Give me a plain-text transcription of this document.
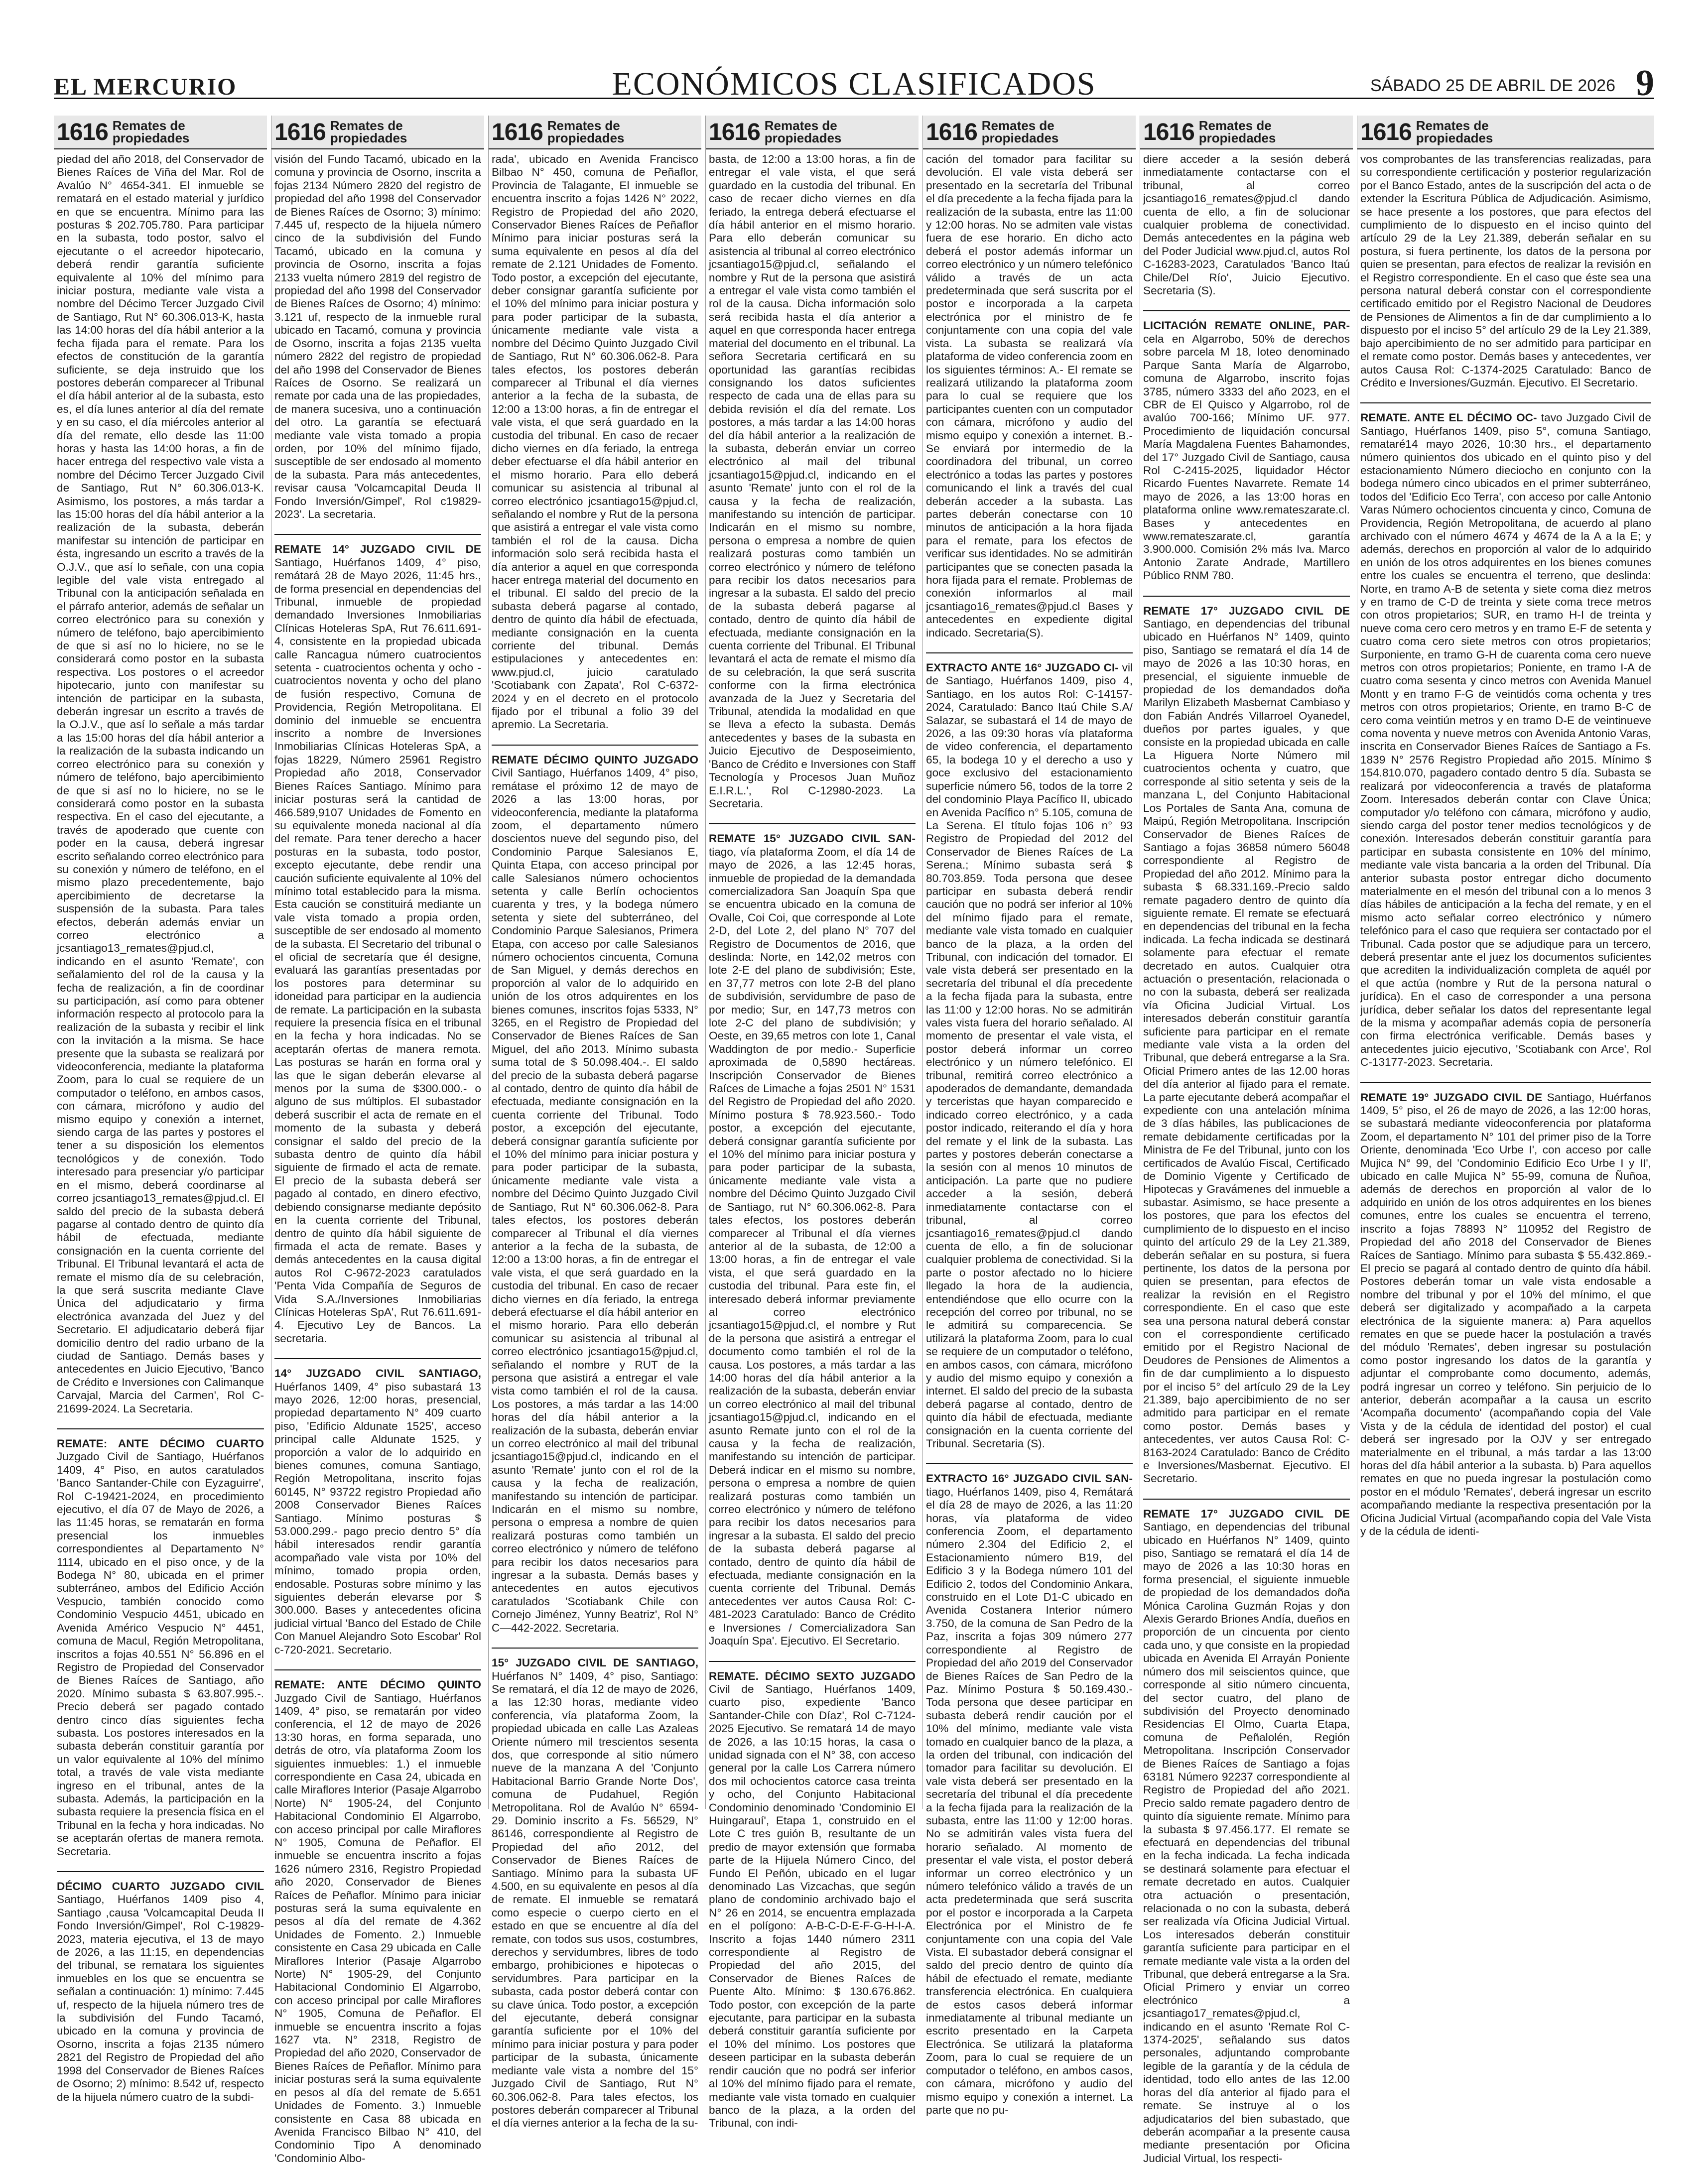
EL MERCURIO	ECONÓMICOS CLASIFICADOS	SÁBADO 25 DE ABRIL DE 2026 9
1616 Remates de
propiedades
piedad del año 2018, del Conservador de Bienes Raíces de Viña del Mar. Rol de Avalúo N° 4654-341. El inmueble se rematará en el estado material y jurídico en que se encuentra. Mínimo para las posturas $ 202.705.780. Para participar en la subasta, todo postor, salvo el ejecutante o el acreedor hipotecario, deberá rendir garantía suficiente equivalente al 10% del mínimo para iniciar postura, mediante vale vista a nombre del Décimo Tercer Juzgado Civil de Santiago, Rut N° 60.306.013-K, hasta las 14:00 horas del día hábil anterior a la fecha fijada para el remate. Para los efectos de constitución de la garantía suficiente, se deja instruido que los postores deberán comparecer al Tribunal el día hábil anterior al de la subasta, esto es, el día lunes anterior al día del remate y en su caso, el día miércoles anterior al día del remate, ello desde las 11:00 horas y hasta las 14:00 horas, a fin de hacer entrega del respectivo vale vista a nombre del Décimo Tercer Juzgado Civil de Santiago, Rut N° 60.306.013-K. Asimismo, los postores, a más tardar a las 15:00 horas del día hábil anterior a la realización de la subasta, deberán manifestar su intención de participar en ésta, ingresando un escrito a través de la O.J.V., que así lo señale, con una copia legible del vale vista entregado al Tribunal con la anticipación señalada en el párrafo anterior, además de señalar un correo electrónico para su conexión y número de teléfono, bajo apercibimiento de que si así no lo hiciere, no se le considerará como postor en la subasta respectiva. Los postores o el acreedor hipotecario, junto con manifestar su intención de participar en la subasta, deberán ingresar un escrito a través de la O.J.V., que así lo señale a más tardar a las 15:00 horas del día hábil anterior a la realización de la subasta indicando un correo electrónico para su conexión y número de teléfono, bajo apercibimiento de que si así no lo hiciere, no se le considerará como postor en la subasta respectiva. En el caso del ejecutante, a través de apoderado que cuente con poder en la causa, deberá ingresar escrito señalando correo electrónico para su conexión y número de teléfono, en el mismo plazo precedentemente, bajo apercibimiento de decretarse la suspensión de la subasta. Para tales efectos, deberán además enviar un correo electrónico a jcsantiago13_remates@pjud.cl, indicando en el asunto 'Remate', con señalamiento del rol de la causa y la fecha de realización, a fin de coordinar su participación, así como para obtener información respecto al protocolo para la realización de la subasta y recibir el link con la invitación a la misma. Se hace presente que la subasta se realizará por videoconferencia, mediante la plataforma Zoom, para lo cual se requiere de un computador o teléfono, en ambos casos, con cámara, micrófono y audio del mismo equipo y conexión a internet, siendo carga de las partes y postores el tener a su disposición los elementos tecnológicos y de conexión. Todo interesado para presenciar y/o participar en el mismo, deberá coordinarse al correo jcsantiago13_remates@pjud.cl. El saldo del precio de la subasta deberá pagarse al contado dentro de quinto día hábil de efectuada, mediante consignación en la cuenta corriente del Tribunal. El Tribunal levantará el acta de remate el mismo día de su celebración, la que será suscrita mediante Clave Única del adjudicatario y firma electrónica avanzada del Juez y del Secretario. El adjudicatario deberá fijar domicilio dentro del radio urbano de la ciudad de Santiago. Demás bases y antecedentes en Juicio Ejecutivo, 'Banco de Crédito e Inversiones con Calimanque Carvajal, Marcia del Carmen', Rol C- 21699-2024. La Secretaria.
REMATE: ANTE DÉCIMO CUARTO Juzgado Civil de Santiago, Huérfanos 1409, 4° Piso, en autos caratulados 'Banco Santander-Chile con Eyzaguirre', Rol C-19421-2024, en procedimiento ejecutivo, el día 07 de Mayo de 2026, a las 11:45 horas, se rematarán en forma presencial los inmuebles correspondientes al Departamento N° 1114, ubicado en el piso once, y de la Bodega N° 80, ubicada en el primer subterráneo, ambos del Edificio Acción Vespucio, también conocido como Condominio Vespucio 4451, ubicado en Avenida Américo Vespucio N° 4451, comuna de Macul, Región Metropolitana, inscritos a fojas 40.551 N° 56.896 en el Registro de Propiedad del Conservador de Bienes Raíces de Santiago, año 2020. Mínimo subasta $ 63.807.995.-. Precio deberá ser pagado contado dentro cinco días siguientes fecha subasta. Los postores interesados en la subasta deberán constituir garantía por un valor equivalente al 10% del mínimo total, a través de vale vista mediante ingreso en el tribunal, antes de la subasta. Además, la participación en la subasta requiere la presencia física en el Tribunal en la fecha y hora indicadas. No se aceptarán ofertas de manera remota. Secretaria.
DÉCIMO CUARTO JUZGADO CIVIL Santiago, Huérfanos 1409 piso 4, Santiago ,causa 'Volcamcapital Deuda II Fondo Inversión/Gimpel', Rol C-19829-2023, materia ejecutiva, el 13 de mayo de 2026, a las 11:15, en dependencias del tribunal, se rematara los siguientes inmuebles en los que se encuentra se señalan a continuación: 1) mínimo: 7.445 uf, respecto de la hijuela número tres de la subdivisión del Fundo Tacamó, ubicado en la comuna y provincia de Osorno, inscrita a fojas 2135 número 2821 del Registro de Propiedad del año 1998 del Conservador de Bienes Raíces de Osorno; 2) mínimo: 8.542 uf, respecto de la hijuela número cuatro de la subdi-
1616 Remates de
propiedades
visión del Fundo Tacamó, ubicado en la comuna y provincia de Osorno, inscrita a fojas 2134 Número 2820 del registro de propiedad del año 1998 del Conservador de Bienes Raíces de Osorno; 3) mínimo: 7.445 uf, respecto de la hijuela número cinco de la subdivisión del Fundo Tacamó, ubicado en la comuna y provincia de Osorno, inscrita a fojas 2133 vuelta número 2819 del registro de propiedad del año 1998 del Conservador de Bienes Raíces de Osorno; 4) mínimo: 3.121 uf, respecto de la inmueble rural ubicado en Tacamó, comuna y provincia de Osorno, inscrita a fojas 2135 vuelta número 2822 del registro de propiedad del año 1998 del Conservador de Bienes Raíces de Osorno. Se realizará un remate por cada una de las propiedades, de manera sucesiva, uno a continuación del otro. La garantía se efectuará mediante vale vista tomado a propia orden, por 10% del mínimo fijado, susceptible de ser endosado al momento de la subasta. Para más antecedentes, revisar causa 'Volcamcapital Deuda II Fondo Inversión/Gimpel', Rol c19829-2023'. La secretaria.
REMATE 14° JUZGADO CIVIL DE Santiago, Huérfanos 1409, 4° piso, remátará 28 de Mayo 2026, 11:45 hrs., de forma presencial en dependencias del Tribunal, inmueble de propiedad demandado Inversiones Inmobiliarias Clínicas Hoteleras SpA, Rut 76.611.691-4, consistente en la propiedad ubicada calle Rancagua número cuatrocientos setenta - cuatrocientos ochenta y ocho - cuatrocientos noventa y ocho del plano de fusión respectivo, Comuna de Providencia, Región Metropolitana. El dominio del inmueble se encuentra inscrito a nombre de Inversiones Inmobiliarias Clínicas Hoteleras SpA, a fojas 18229, Número 25961 Registro Propiedad año 2018, Conservador Bienes Raíces Santiago. Mínimo para iniciar posturas será la cantidad de 466.589,9107 Unidades de Fomento en su equivalente moneda nacional al día del remate. Para tener derecho a hacer posturas en la subasta, todo postor, excepto ejecutante, debe rendir una caución suficiente equivalente al 10% del mínimo total establecido para la misma. Esta caución se constituirá mediante un vale vista tomado a propia orden, susceptible de ser endosado al momento de la subasta. El Secretario del tribunal o el oficial de secretaría que él designe, evaluará las garantías presentadas por los postores para determinar su idoneidad para participar en la audiencia de remate. La participación en la subasta requiere la presencia física en el tribunal en la fecha y hora indicadas. No se aceptarán ofertas de manera remota. Las posturas se harán en forma oral y las que le sigan deberán elevarse al menos por la suma de $300.000.- o alguno de sus múltiplos. El subastador deberá suscribir el acta de remate en el momento de la subasta y deberá consignar el saldo del precio de la subasta dentro de quinto día hábil siguiente de firmado el acta de remate. El precio de la subasta deberá ser pagado al contado, en dinero efectivo, debiendo consignarse mediante depósito en la cuenta corriente del Tribunal, dentro de quinto día hábil siguiente de firmada el acta de remate. Bases y demás antecedentes en la causa digital autos Rol C-9672-2023 caratulados 'Penta Vida Compañía de Seguros de Vida S.A./Inversiones Inmobiliarias Clínicas Hoteleras SpA', Rut 76.611.691-4. Ejecutivo Ley de Bancos. La secretaria.
14° JUZGADO CIVIL SANTIAGO, Huérfanos 1409, 4° piso subastará 13 mayo 2026, 12:00 horas, presencial, propiedad departamento N° 409 cuarto piso, 'Edificio Aldunate 1525', acceso principal calle Aldunate 1525, y proporción a valor de lo adquirido en bienes comunes, comuna Santiago, Región Metropolitana, inscrito fojas 60145, N° 93722 registro Propiedad año 2008 Conservador Bienes Raíces Santiago. Mínimo posturas $ 53.000.299.- pago precio dentro 5° día hábil interesados rendir garantía acompañado vale vista por 10% del mínimo, tomado propia orden, endosable. Posturas sobre mínimo y las siguientes deberán elevarse por $ 300.000. Bases y antecedentes oficina judicial virtual 'Banco del Estado de Chile Con Manuel Alejandro Soto Escobar' Rol c-720-2021. Secretario.
REMATE: ANTE DÉCIMO QUINTO Juzgado Civil de Santiago, Huérfanos 1409, 4° piso, se rematarán por video conferencia, el 12 de mayo de 2026 13:30 horas, en forma separada, uno detrás de otro, vía plataforma Zoom los siguientes inmuebles: 1.) el inmueble correspondiente en Casa 24, ubicada en calle Miraflores Interior (Pasaje Algarrobo Norte) N° 1905-24, del Conjunto Habitacional Condominio El Algarrobo, con acceso principal por calle Miraflores N° 1905, Comuna de Peñaflor. El inmueble se encuentra inscrito a fojas 1626 número 2316, Registro Propiedad año 2020, Conservador de Bienes Raíces de Peñaflor. Mínimo para iniciar posturas será la suma equivalente en pesos al día del remate de 4.362 Unidades de Fomento. 2.) Inmueble consistente en Casa 29 ubicada en Calle Miraflores Interior (Pasaje Algarrobo Norte) N° 1905-29, del Conjunto Habitacional Condominio El Algarrobo, con acceso principal por calle Miraflores N° 1905, Comuna de Peñaflor. El inmueble se encuentra inscrito a fojas 1627 vta. N° 2318, Registro de Propiedad del año 2020, Conservador de Bienes Raíces de Peñaflor. Mínimo para iniciar posturas será la suma equivalente en pesos al día del remate de 5.651 Unidades de Fomento. 3.) Inmueble consistente en Casa 88 ubicada en Avenida Francisco Bilbao N° 410, del Condominio Tipo A denominado 'Condominio Albo-
1616 Remates de
propiedades
rada', ubicado en Avenida Francisco Bilbao N° 450, comuna de Peñaflor, Provincia de Talagante, El inmueble se encuentra inscrito a fojas 1426 N° 2022, Registro de Propiedad del año 2020, Conservador Bienes Raíces de Peñaflor Mínimo para iniciar posturas será la suma equivalente en pesos al día del remate de 2.121 Unidades de Fomento. Todo postor, a excepción del ejecutante, deber consignar garantía suficiente por el 10% del mínimo para iniciar postura y para poder participar de la subasta, únicamente mediante vale vista a nombre del Décimo Quinto Juzgado Civil de Santiago, Rut N° 60.306.062-8. Para tales efectos, los postores deberán comparecer al Tribunal el día viernes anterior a la fecha de la subasta, de 12:00 a 13:00 horas, a fin de entregar el vale vista, el que será guardado en la custodia del tribunal. En caso de recaer dicho viernes en día feriado, la entrega deber efectuarse el día hábil anterior en el mismo horario. Para ello deberá comunicar su asistencia al tribunal al correo electrónico jcsantiago15@pjud.cl, señalando el nombre y Rut de la persona que asistirá a entregar el vale vista como también el rol de la causa. Dicha información solo será recibida hasta el día anterior a aquel en que corresponda hacer entrega material del documento en el tribunal. El saldo del precio de la subasta deberá pagarse al contado, dentro de quinto día hábil de efectuada, mediante consignación en la cuenta corriente del tribunal. Demás estipulaciones y antecedentes en: www.pjud.cl, juicio caratulado 'Scotiabank con Zapata', Rol C-6372-2024 y en el decreto en el protocolo fijado por el tribunal a folio 39 del apremio. La Secretaria.
REMATE DÉCIMO QUINTO JUZGADO Civil Santiago, Huérfanos 1409, 4° piso, remátase el próximo 12 de mayo de 2026 a las 13:00 horas, por videoconferencia, mediante la plataforma zoom, el departamento número doscientos nueve del segundo piso, del Condominio Parque Salesianos E, Quinta Etapa, con acceso principal por calle Salesianos número ochocientos setenta y calle Berlín ochocientos cuarenta y tres, y la bodega número setenta y siete del subterráneo, del Condominio Parque Salesianos, Primera Etapa, con acceso por calle Salesianos número ochocientos cincuenta, Comuna de San Miguel, y demás derechos en proporción al valor de lo adquirido en unión de los otros adquirentes en los bienes comunes, inscritos fojas 5333, N° 3265, en el Registro de Propiedad del Conservador de Bienes Raíces de San Miguel, del año 2013. Mínimo subasta suma total de $ 50.098.404.-. El saldo del precio de la subasta deberá pagarse al contado, dentro de quinto día hábil de efectuada, mediante consignación en la cuenta corriente del Tribunal. Todo postor, a excepción del ejecutante, deberá consignar garantía suficiente por el 10% del mínimo para iniciar postura y para poder participar de la subasta, únicamente mediante vale vista a nombre del Décimo Quinto Juzgado Civil de Santiago, Rut N° 60.306.062-8. Para tales efectos, los postores deberán comparecer al Tribunal el día viernes anterior a la fecha de la subasta, de 12:00 a 13:00 horas, a fin de entregar el vale vista, el que será guardado en la custodia del tribunal. En caso de recaer dicho viernes en día feriado, la entrega deberá efectuarse el día hábil anterior en el mismo horario. Para ello deberán comunicar su asistencia al tribunal al correo electrónico jcsantiago15@pjud.cl, señalando el nombre y RUT de la persona que asistirá a entregar el vale vista como también el rol de la causa. Los postores, a más tardar a las 14:00 horas del día hábil anterior a la realización de la subasta, deberán enviar un correo electrónico al mail del tribunal jcsantiago15@pjud.cl, indicando en el asunto 'Remate' junto con el rol de la causa y la fecha de realización, manifestando su intención de participar. Indicarán en el mismo su nombre, persona o empresa a nombre de quien realizará posturas como también un correo electrónico y número de teléfono para recibir los datos necesarios para ingresar a la subasta. Demás bases y antecedentes en autos ejecutivos caratulados 'Scotiabank Chile con Cornejo Jiménez, Yunny Beatriz', Rol N° C—442-2022. Secretaria.
15° JUZGADO CIVIL DE SANTIAGO, Huérfanos N° 1409, 4° piso, Santiago: Se rematará, el día 12 de mayo de 2026, a las 12:30 horas, mediante video conferencia, vía plataforma Zoom, la propiedad ubicada en calle Las Azaleas Oriente número mil trescientos sesenta dos, que corresponde al sitio número nueve de la manzana A del 'Conjunto Habitacional Barrio Grande Norte Dos', comuna de Pudahuel, Región Metropolitana. Rol de Avalúo N° 6594-29. Dominio inscrito a Fs. 56529, N° 86146, correspondiente al Registro de Propiedad del año 2012, del Conservador de Bienes Raíces de Santiago. Mínimo para la subasta UF 4.500, en su equivalente en pesos al día de remate. El inmueble se rematará como especie o cuerpo cierto en el estado en que se encuentre al día del remate, con todos sus usos, costumbres, derechos y servidumbres, libres de todo embargo, prohibiciones e hipotecas o servidumbres. Para participar en la subasta, cada postor deberá contar con su clave única. Todo postor, a excepción del ejecutante, deberá consignar garantía suficiente por el 10% del mínimo para iniciar postura y para poder participar de la subasta, únicamente mediante vale vista a nombre del 15° Juzgado Civil de Santiago, Rut N° 60.306.062-8. Para tales efectos, los postores deberán comparecer al Tribunal el día viernes anterior a la fecha de la su-
1616 Remates de
propiedades
basta, de 12:00 a 13:00 horas, a fin de entregar el vale vista, el que será guardado en la custodia del tribunal. En caso de recaer dicho viernes en día feriado, la entrega deberá efectuarse el día hábil anterior en el mismo horario. Para ello deberán comunicar su asistencia al tribunal al correo electrónico jcsantiago15@pjud.cl, señalando el nombre y Rut de la persona que asistirá a entregar el vale vista como también el rol de la causa. Dicha información solo será recibida hasta el día anterior a aquel en que corresponda hacer entrega material del documento en el tribunal. La señora Secretaria certificará en su oportunidad las garantías recibidas consignando los datos suficientes respecto de cada una de ellas para su debida revisión el día del remate. Los postores, a más tardar a las 14:00 horas del día hábil anterior a la realización de la subasta, deberán enviar un correo electrónico al mail del tribunal jcsantiago15@pjud.cl, indicando en el asunto 'Remate' junto con el rol de la causa y la fecha de realización, manifestando su intención de participar. Indicarán en el mismo su nombre, persona o empresa a nombre de quien realizará posturas como también un correo electrónico y número de teléfono para recibir los datos necesarios para ingresar a la subasta. El saldo del precio de la subasta deberá pagarse al contado, dentro de quinto día hábil de efectuada, mediante consignación en la cuenta corriente del Tribunal. El Tribunal levantará el acta de remate el mismo día de su celebración, la que será suscrita conforme con la firma electrónica avanzada de la Juez y Secretaria del Tribunal, atendida la modalidad en que se lleva a efecto la subasta. Demás antecedentes y bases de la subasta en Juicio Ejecutivo de Desposeimiento, 'Banco de Crédito e Inversiones con Staff Tecnología y Procesos Juan Muñoz E.I.R.L.', Rol C-12980-2023. La Secretaria.
REMATE 15° JUZGADO CIVIL SAN- tiago, vía plataforma Zoom, el día 14 de mayo de 2026, a las 12:45 horas, inmueble de propiedad de la demandada comercializadora San Joaquín Spa que se encuentra ubicado en la comuna de Ovalle, Coi Coi, que corresponde al Lote 2-D, del Lote 2, del plano N° 707 del Registro de Documentos de 2016, que deslinda: Norte, en 142,02 metros con lote 2-E del plano de subdivisión; Este, en 37,77 metros con lote 2-B del plano de subdivisión, servidumbre de paso de por medio; Sur, en 147,73 metros con lote 2-C del plano de subdivisión; y Oeste, en 39,65 metros con lote 1, Canal Waddington de por medio.- Superficie aproximada de 0,5890 hectáreas. Inscripción Conservador de Bienes Raíces de Limache a fojas 2501 N° 1531 del Registro de Propiedad del año 2020. Mínimo postura $ 78.923.560.- Todo postor, a excepción del ejecutante, deberá consignar garantía suficiente por el 10% del mínimo para iniciar postura y para poder participar de la subasta, únicamente mediante vale vista a nombre del Décimo Quinto Juzgado Civil de Santiago, rut N° 60.306.062-8. Para tales efectos, los postores deberán comparecer al Tribunal el día viernes anterior al de la subasta, de 12:00 a 13:00 horas, a fin de entregar el vale vista, el que será guardado en la custodia del tribunal. Para este fin, el interesado deberá informar previamente al correo electrónico jcsantiago15@pjud.cl, el nombre y Rut de la persona que asistirá a entregar el documento como también el rol de la causa. Los postores, a más tardar a las 14:00 horas del día hábil anterior a la realización de la subasta, deberán enviar un correo electrónico al mail del tribunal jcsantiago15@pjud.cl, indicando en el asunto Remate junto con el rol de la causa y la fecha de realización, manifestando su intención de participar. Deberá indicar en el mismo su nombre, persona o empresa a nombre de quien realizará posturas como también un correo electrónico y número de teléfono para recibir los datos necesarios para ingresar a la subasta. El saldo del precio de la subasta deberá pagarse al contado, dentro de quinto día hábil de efectuada, mediante consignación en la cuenta corriente del Tribunal. Demás antecedentes ver autos Causa Rol: C-481-2023 Caratulado: Banco de Crédito e Inversiones / Comercializadora San Joaquín Spa'. Ejecutivo. El Secretario.
REMATE. DÉCIMO SEXTO JUZGADO Civil de Santiago, Huérfanos 1409, cuarto piso, expediente 'Banco Santander-Chile con Díaz', Rol C-7124-2025 Ejecutivo. Se rematará 14 de mayo de 2026, a las 10:15 horas, la casa o unidad signada con el N° 38, con acceso general por la calle Los Carrera número dos mil ochocientos catorce casa treinta y ocho, del Conjunto Habitacional Condominio denominado 'Condominio El Huingarauí', Etapa 1, construido en el Lote C tres guión B, resultante de un predio de mayor extensión que formaba parte de la Hijuela Número Cinco, del Fundo El Peñón, ubicado en el lugar denominado Las Vizcachas, que según plano de condominio archivado bajo el N° 26 en 2014, se encuentra emplazada en el polígono: A-B-C-D-E-F-G-H-I-A. Inscrito a fojas 1440 número 2311 correspondiente al Registro de Propiedad del año 2015, del Conservador de Bienes Raíces de Puente Alto. Mínimo: $ 130.676.862. Todo postor, con excepción de la parte ejecutante, para participar en la subasta deberá constituir garantía suficiente por el 10% del mínimo. Los postores que deseen participar en la subasta deberán rendir caución que no podrá ser inferior al 10% del mínimo fijado para el remate, mediante vale vista tomado en cualquier banco de la plaza, a la orden del Tribunal, con indi-
1616 Remates de
propiedades
cación del tomador para facilitar su devolución. El vale vista deberá ser presentado en la secretaría del Tribunal el día precedente a la fecha fijada para la realización de la subasta, entre las 11:00 y 12:00 horas. No se admiten vale vistas fuera de ese horario. En dicho acto deberá el postor además informar un correo electrónico y un número telefónico válido a través de un acta predeterminada que será suscrita por el postor e incorporada a la carpeta electrónica por el ministro de fe conjuntamente con una copia del vale vista. La subasta se realizará vía plataforma de video conferencia zoom en los siguientes términos: A.- El remate se realizará utilizando la plataforma zoom para lo cual se requiere que los participantes cuenten con un computador con cámara, micrófono y audio del mismo equipo y conexión a internet. B.- Se enviará por intermedio de la coordinadora del tribunal, un correo electrónico a todas las partes y postores comunicando el link a través del cual deberán acceder a la subasta. Las partes deberán conectarse con 10 minutos de anticipación a la hora fijada para el remate, para los efectos de verificar sus identidades. No se admitirán participantes que se conecten pasada la hora fijada para el remate. Problemas de conexión informarlos al mail jcsantiago16_remates@pjud.cl Bases y antecedentes en expediente digital indicado. Secretaria(S).
EXTRACTO ANTE 16° JUZGADO CI- vil de Santiago, Huérfanos 1409, piso 4, Santiago, en los autos Rol: C-14157-2024, Caratulado: Banco Itaú Chile S.A/ Salazar, se subastará el 14 de mayo de 2026, a las 09:30 horas vía plataforma de video conferencia, el departamento 65, la bodega 10 y el derecho a uso y goce exclusivo del estacionamiento superficie número 56, todos de la torre 2 del condominio Playa Pacífico II, ubicado en Avenida Pacífico n° 5.105, comuna de La Serena. El título fojas 106 n° 93 Registro de Propiedad del 2012 del Conservador de Bienes Raíces de La Serena.; Mínimo subasta será $ 80.703.859. Toda persona que desee participar en subasta deberá rendir caución que no podrá ser inferior al 10% del mínimo fijado para el remate, mediante vale vista tomado en cualquier banco de la plaza, a la orden del Tribunal, con indicación del tomador. El vale vista deberá ser presentado en la secretaría del tribunal el día precedente a la fecha fijada para la subasta, entre las 11:00 y 12:00 horas. No se admitirán vales vista fuera del horario señalado. Al momento de presentar el vale vista, el postor deberá informar un correo electrónico y un número telefónico. El tribunal, remitirá correo electrónico a apoderados de demandante, demandada y terceristas que hayan comparecido e indicado correo electrónico, y a cada postor indicado, reiterando el día y hora del remate y el link de la subasta. Las partes y postores deberán conectarse a la sesión con al menos 10 minutos de anticipación. La parte que no pudiere acceder a la sesión, deberá inmediatamente contactarse con el tribunal, al correo jcsantiago16_remates@pjud.cl dando cuenta de ello, a fin de solucionar cualquier problema de conectividad. Si la parte o postor afectado no lo hiciere llegado la hora de la audiencia, entendiéndose que ello ocurre con la recepción del correo por tribunal, no se le admitirá su comparecencia. Se utilizará la plataforma Zoom, para lo cual se requiere de un computador o teléfono, en ambos casos, con cámara, micrófono y audio del mismo equipo y conexión a internet. El saldo del precio de la subasta deberá pagarse al contado, dentro de quinto día hábil de efectuada, mediante consignación en la cuenta corriente del Tribunal. Secretaria (S).
EXTRACTO 16° JUZGADO CIVIL SAN- tiago, Huérfanos 1409, piso 4, Remátará el día 28 de mayo de 2026, a las 11:20 horas, vía plataforma de video conferencia Zoom, el departamento número 2.304 del Edificio 2, el Estacionamiento número B19, del Edificio 3 y la Bodega número 101 del Edificio 2, todos del Condominio Ankara, construido en el Lote D1-C ubicado en Avenida Costanera Interior número 3.750, de la comuna de San Pedro de la Paz, inscrita a fojas 309 número 277 correspondiente al Registro de Propiedad del año 2019 del Conservador de Bienes Raíces de San Pedro de la Paz. Mínimo Postura $ 50.169.430.- Toda persona que desee participar en subasta deberá rendir caución por el 10% del mínimo, mediante vale vista tomado en cualquier banco de la plaza, a la orden del tribunal, con indicación del tomador para facilitar su devolución. El vale vista deberá ser presentado en la secretaría del tribunal el día precedente a la fecha fijada para la realización de la subasta, entre las 11:00 y 12:00 horas. No se admitirán vales vista fuera del horario señalado. Al momento de presentar el vale vista, el postor deberá informar un correo electrónico y un número telefónico válido a través de un acta predeterminada que será suscrita por el postor e incorporada a la Carpeta Electrónica por el Ministro de fe conjuntamente con una copia del Vale Vista. El subastador deberá consignar el saldo del precio dentro de quinto día hábil de efectuado el remate, mediante transferencia electrónica. En cualquiera de estos casos deberá informar inmediatamente al tribunal mediante un escrito presentado en la Carpeta Electrónica. Se utilizará la plataforma Zoom, para lo cual se requiere de un computador o teléfono, en ambos casos, con cámara, micrófono y audio del mismo equipo y conexión a internet. La parte que no pu-
1616 Remates de
propiedades
diere acceder a la sesión deberá inmediatamente contactarse con el tribunal, al correo jcsantiago16_remates@pjud.cl dando cuenta de ello, a fin de solucionar cualquier problema de conectividad. Demás antecedentes en la página web del Poder Judicial www.pjud.cl, autos Rol C-16283-2023, Caratulados 'Banco Itaú Chile/Del Río', Juicio Ejecutivo. Secretaria (S).
LICITACIÓN REMATE ONLINE, PAR- cela en Algarrobo, 50% de derechos sobre parcela M 18, loteo denominado Parque Santa María de Algarrobo, comuna de Algarrobo, inscrito fojas 3785, número 3333 del año 2023, en el CBR de El Quisco y Algarrobo, rol de avalúo 700-166; Mínimo UF. 977. Procedimiento de liquidación concursal María Magdalena Fuentes Bahamondes, del 17° Juzgado Civil de Santiago, causa Rol C-2415-2025, liquidador Héctor Ricardo Fuentes Navarrete. Remate 14 mayo de 2026, a las 13:00 horas en plataforma online www.remateszarate.cl. Bases y antecedentes en www.remateszarate.cl, garantía 3.900.000. Comisión 2% más Iva. Marco Antonio Zarate Andrade, Martillero Público RNM 780.
REMATE 17° JUZGADO CIVIL DE Santiago, en dependencias del tribunal ubicado en Huérfanos N° 1409, quinto piso, Santiago se rematará el día 14 de mayo de 2026 a las 10:30 horas, en presencial, el siguiente inmueble de propiedad de los demandados doña Marilyn Elizabeth Masbernat Cambiaso y don Fabián Andrés Villarroel Oyanedel, dueños por partes iguales, y que consiste en la propiedad ubicada en calle La Higuera Norte Número mil cuatrocientos ochenta y cuatro, que corresponde al sitio setenta y seis de la manzana L, del Conjunto Habitacional Los Portales de Santa Ana, comuna de Maipú, Región Metropolitana. Inscripción Conservador de Bienes Raíces de Santiago a fojas 36858 número 56048 correspondiente al Registro de Propiedad del año 2012. Mínimo para la subasta $ 68.331.169.-Precio saldo remate pagadero dentro de quinto día siguiente remate. El remate se efectuará en dependencias del tribunal en la fecha indicada. La fecha indicada se destinará solamente para efectuar el remate decretado en autos. Cualquier otra actuación o presentación, relacionada o no con la subasta, deberá ser realizada vía Oficina Judicial Virtual. Los interesados deberán constituir garantía suficiente para participar en el remate mediante vale vista a la orden del Tribunal, que deberá entregarse a la Sra. Oficial Primero antes de las 12.00 horas del día anterior al fijado para el remate. La parte ejecutante deberá acompañar el expediente con una antelación mínima de 3 días hábiles, las publicaciones de remate debidamente certificadas por la Ministra de Fe del Tribunal, junto con los certificados de Avalúo Fiscal, Certificado de Dominio Vigente y Certificado de Hipotecas y Gravámenes del inmueble a subastar. Asimismo, se hace presente a los postores, que para los efectos del cumplimiento de lo dispuesto en el inciso quinto del artículo 29 de la Ley 21.389, deberán señalar en su postura, si fuera pertinente, los datos de la persona por quien se presentan, para efectos de realizar la revisión en el Registro correspondiente. En el caso que este sea una persona natural deberá constar con el correspondiente certificado emitido por el Registro Nacional de Deudores de Pensiones de Alimentos a fin de dar cumplimiento a lo dispuesto por el inciso 5° del artículo 29 de la Ley 21.389, bajo apercibimiento de no ser admitido para participar en el remate como postor. Demás bases y antecedentes, ver autos Causa Rol: C-8163-2024 Caratulado: Banco de Crédito e Inversiones/Masbernat. Ejecutivo. El Secretario.
REMATE 17° JUZGADO CIVIL DE Santiago, en dependencias del tribunal ubicado en Huérfanos N° 1409, quinto piso, Santiago se rematará el día 14 de mayo de 2026 a las 10:30 horas en forma presencial, el siguiente inmueble de propiedad de los demandados doña Mónica Carolina Guzmán Rojas y don Alexis Gerardo Briones Andía, dueños en proporción de un cincuenta por ciento cada uno, y que consiste en la propiedad ubicada en Avenida El Arrayán Poniente número dos mil seiscientos quince, que corresponde al sitio número cincuenta, del sector cuatro, del plano de subdivisión del Proyecto denominado Residencias El Olmo, Cuarta Etapa, comuna de Peñalolén, Región Metropolitana. Inscripción Conservador de Bienes Raíces de Santiago a fojas 63181 Número 92237 correspondiente al Registro de Propiedad del año 2021. Precio saldo remate pagadero dentro de quinto día siguiente remate. Mínimo para la subasta $ 97.456.177. El remate se efectuará en dependencias del tribunal en la fecha indicada. La fecha indicada se destinará solamente para efectuar el remate decretado en autos. Cualquier otra actuación o presentación, relacionada o no con la subasta, deberá ser realizada vía Oficina Judicial Virtual. Los interesados deberán constituir garantía suficiente para participar en el remate mediante vale vista a la orden del Tribunal, que deberá entregarse a la Sra. Oficial Primero y enviar un correo electrónico a jcsantiago17_remates@pjud.cl, indicando en el asunto 'Remate Rol C-1374-2025', señalando sus datos personales, adjuntando comprobante legible de la garantía y de la cédula de identidad, todo ello antes de las 12.00 horas del día anterior al fijado para el remate. Se instruye al o los adjudicatarios del bien subastado, que deberán acompañar a la presente causa mediante presentación por Oficina Judicial Virtual, los respecti-
1616 Remates de
propiedades
vos comprobantes de las transferencias realizadas, para su correspondiente certificación y posterior regularización por el Banco Estado, antes de la suscripción del acta o de extender la Escritura Pública de Adjudicación. Asimismo, se hace presente a los postores, que para efectos del cumplimiento de lo dispuesto en el inciso quinto del artículo 29 de la Ley 21.389, deberán señalar en su postura, si fuera pertinente, los datos de la persona por quien se presentan, para efectos de realizar la revisión en el Registro correspondiente. En el caso que éste sea una persona natural deberá constar con el correspondiente certificado emitido por el Registro Nacional de Deudores de Pensiones de Alimentos a fin de dar cumplimiento a lo dispuesto por el inciso 5° del artículo 29 de la Ley 21.389, bajo apercibimiento de no ser admitido para participar en el remate como postor. Demás bases y antecedentes, ver autos Causa Rol: C-1374-2025 Caratulado: Banco de Crédito e Inversiones/Guzmán. Ejecutivo. El Secretario.
REMATE. ANTE EL DÉCIMO OC- tavo Juzgado Civil de Santiago, Huérfanos 1409, piso 5°, comuna Santiago, remataré14 mayo 2026, 10:30 hrs., el departamento número quinientos dos ubicado en el quinto piso y del estacionamiento Número dieciocho en conjunto con la bodega número cinco ubicados en el primer subterráneo, todos del 'Edificio Eco Terra', con acceso por calle Antonio Varas Número ochocientos cincuenta y cinco, Comuna de Providencia, Región Metropolitana, de acuerdo al plano archivado con el número 4674 y 4674 de la A a la E; y además, derechos en proporción al valor de lo adquirido en unión de los otros adquirentes en los bienes comunes entre los cuales se encuentra el terreno, que deslinda: Norte, en tramo A-B de setenta y siete coma diez metros y en tramo de C-D de treinta y siete coma trece metros con otros propietarios; SUR, en tramo H-I de treinta y nueve coma cero cero metros y en tramo E-F de setenta y cuatro coma cero siete metros con otros propietarios; Surponiente, en tramo G-H de cuarenta coma cero nueve metros con otros propietarios; Poniente, en tramo I-A de cuatro coma sesenta y cinco metros con Avenida Manuel Montt y en tramo F-G de veintidós coma ochenta y tres metros con otros propietarios; Oriente, en tramo B-C de cero coma veintiún metros y en tramo D-E de veintinueve coma noventa y nueve metros con Avenida Antonio Varas, inscrita en Conservador Bienes Raíces de Santiago a Fs. 1839 N° 2576 Registro Propiedad año 2015. Mínimo $ 154.810.070, pagadero contado dentro 5 día. Subasta se realizará por videoconferencia a través de plataforma Zoom. Interesados deberán contar con Clave Única; computador y/o teléfono con cámara, micrófono y audio, siendo carga del postor tener medios tecnológicos y de conexión. Interesados deberán constituir garantía para participar en subasta consistente en 10% del mínimo, mediante vale vista bancaria a la orden del Tribunal. Día anterior subasta postor entregar dicho documento materialmente en el mesón del tribunal con a lo menos 3 días hábiles de anticipación a la fecha del remate, y en el mismo acto señalar correo electrónico y número telefónico para el caso que requiera ser contactado por el Tribunal. Cada postor que se adjudique para un tercero, deberá presentar ante el juez los documentos suficientes que acrediten la individualización completa de aquél por el que actúa (nombre y Rut de la persona natural o jurídica). En el caso de corresponder a una persona jurídica, deber señalar los datos del representante legal de la misma y acompañar además copia de personería con firma electrónica verificable. Demás bases y antecedentes juicio ejecutivo, 'Scotiabank con Arce', Rol C-13177-2023. Secretaria.
REMATE 19° JUZGADO CIVIL DE Santiago, Huérfanos 1409, 5° piso, el 26 de mayo de 2026, a las 12:00 horas, se subastará mediante videoconferencia por plataforma Zoom, el departamento N° 101 del primer piso de la Torre Oriente, denominada 'Eco Urbe I', con acceso por calle Mujica N° 99, del 'Condominio Edificio Eco Urbe I y II', ubicado en calle Mujica N° 55-99, comuna de Ñuñoa, además de derechos en proporción al valor de lo adquirido en unión de los otros adquirentes en los bienes comunes, entre los cuales se encuentra el terreno, inscrito a fojas 78893 N° 110952 del Registro de Propiedad del año 2018 del Conservador de Bienes Raíces de Santiago. Mínimo para subasta $ 55.432.869.- El precio se pagará al contado dentro de quinto día hábil. Postores deberán tomar un vale vista endosable a nombre del tribunal y por el 10% del mínimo, el que deberá ser digitalizado y acompañado a la carpeta electrónica de la siguiente manera: a) Para aquellos remates en que se puede hacer la postulación a través del módulo 'Remates', deben ingresar su postulación como postor ingresando los datos de la garantía y adjuntar el comprobante como documento, además, podrá ingresar un correo y teléfono. Sin perjuicio de lo anterior, deberán acompañar a la causa un escrito 'Acompaña documento' (acompañando copia del Vale Vista y de la cédula de identidad del postor) el cual deberá ser ingresado por la OJV y ser entregado materialmente en el tribunal, a más tardar a las 13:00 horas del día hábil anterior a la subasta. b) Para aquellos remates en que no pueda ingresar la postulación como postor en el módulo 'Remates', deberá ingresar un escrito acompañando mediante la respectiva presentación por la Oficina Judicial Virtual (acompañando copia del Vale Vista y de la cédula de identi-
